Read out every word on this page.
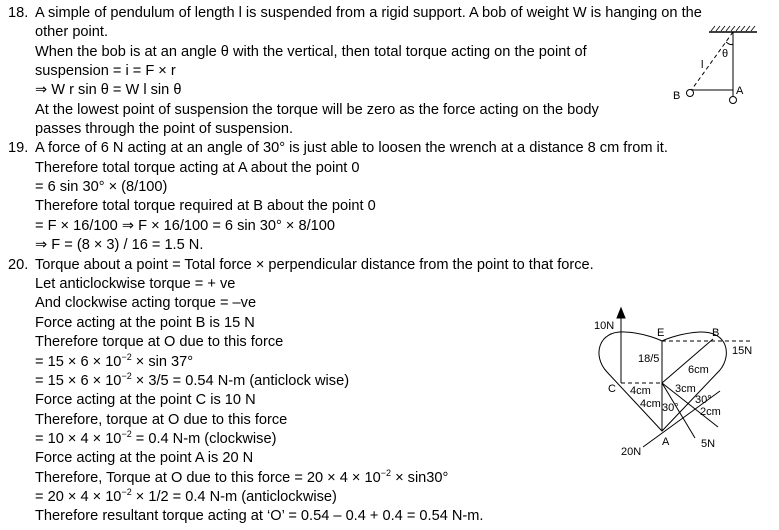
18. A simple of pendulum of length l is suspended from a rigid support. A bob of weight W is hanging on the
other point.
When the bob is at an angle θ with the vertical, then total torque acting on the point of
suspension = i = F × r
⇒ W r sin θ = W l sin θ
At the lowest point of suspension the torque will be zero as the force acting on the body
passes through the point of suspension.
19. A force of 6 N acting at an angle of 30° is just able to loosen the wrench at a distance 8 cm from it.
Therefore total torque acting at A about the point 0
= 6 sin 30° × (8/100)
Therefore total torque required at B about the point 0
= F × 16/100 ⇒ F × 16/100 = 6 sin 30° × 8/100
⇒ F = (8 × 3) / 16 = 1.5 N.
20. Torque about a point = Total force × perpendicular distance from the point to that force.
Let anticlockwise torque = + ve
And clockwise acting torque = –ve
Force acting at the point B is 15 N
Therefore torque at O due to this force
= $15 \times 6 \times 10^{-2} \times \sin 37^\circ$
= $15 \times 6 \times 10^{-2} \times 3/5 = 0.54$ N-m (anticlock wise)
Force acting at the point C is 10 N
Therefore, torque at O due to this force
= $10 \times 4 \times 10^{-2} = 0.4$ N-m (clockwise)
Force acting at the point A is 20 N
Therefore, Torque at O due to this force = $20 \times 4 \times 10^{-2} \times \sin 30^\circ$
= $20 \times 4 \times 10^{-2} \times 1/2 = 0.4$ N-m (anticlockwise)
Therefore resultant torque acting at ‘O’ = 0.54 – 0.4 + 0.4 = 0.54 N-m.
θ
l
B	A
10N
E	B
15N
18/5
6cm
C 4cm 3cm
4cm 30°
30°
2cm
A	5N
20N
